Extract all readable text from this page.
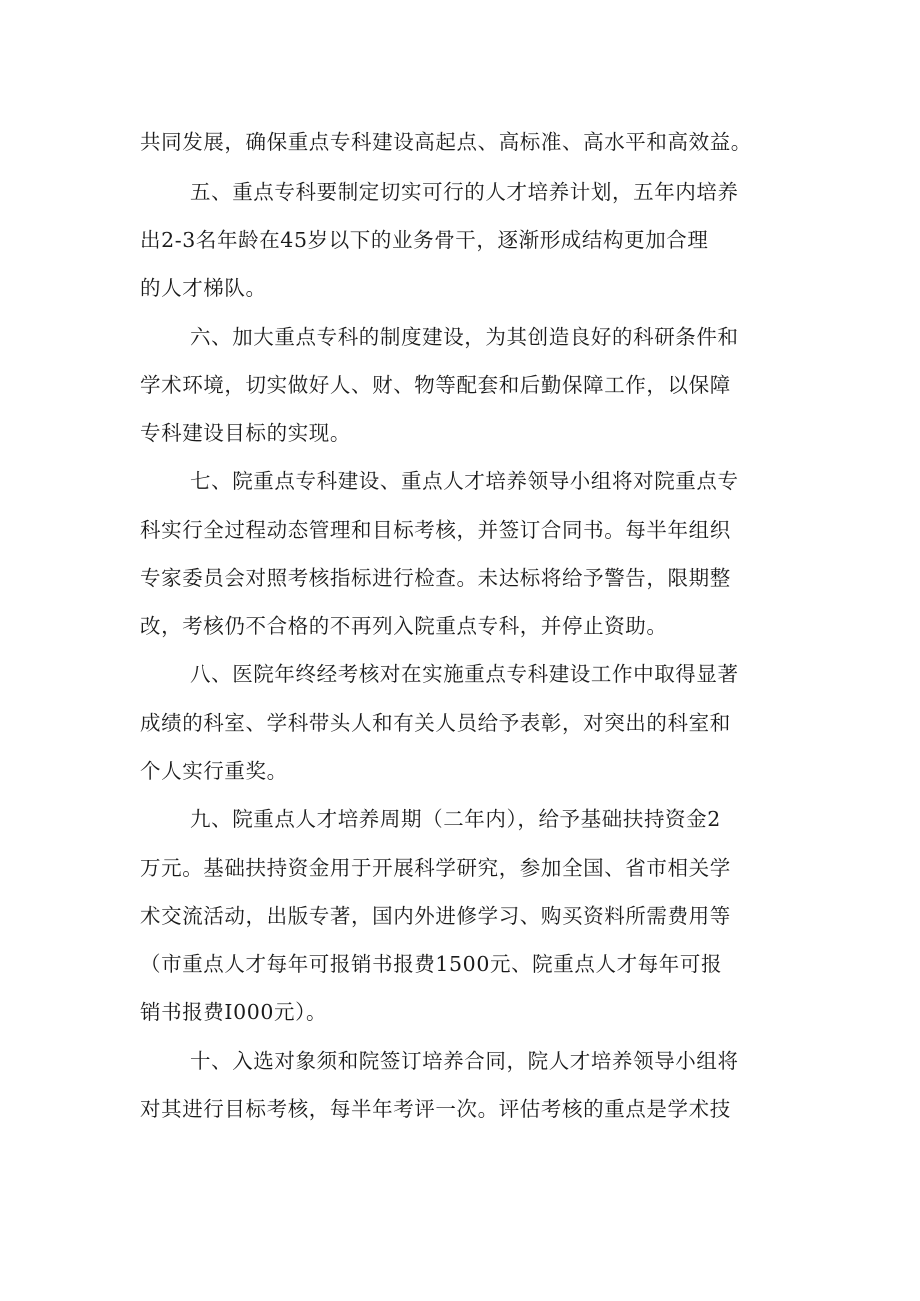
共同发展，确保重点专科建设高起点、高标准、高水平和高效益。

五、重点专科要制定切实可行的人才培养计划，五年内培养

出2-3名年龄在45岁以下的业务骨干，逐渐形成结构更加合理

的人才梯队。

六、加大重点专科的制度建设，为其创造良好的科研条件和

学术环境，切实做好人、财、物等配套和后勤保障工作，以保障

专科建设目标的实现。

七、院重点专科建设、重点人才培养领导小组将对院重点专

科实行全过程动态管理和目标考核，并签订合同书。每半年组织

专家委员会对照考核指标进行检查。未达标将给予警告，限期整

改，考核仍不合格的不再列入院重点专科，并停止资助。

八、医院年终经考核对在实施重点专科建设工作中取得显著

成绩的科室、学科带头人和有关人员给予表彰，对突出的科室和

个人实行重奖。

九、院重点人才培养周期（二年内），给予基础扶持资金2

万元。基础扶持资金用于开展科学研究，参加全国、省市相关学

术交流活动，出版专著，国内外进修学习、购买资料所需费用等

（市重点人才每年可报销书报费1500元、院重点人才每年可报

销书报费I000元）。

十、入选对象须和院签订培养合同，院人才培养领导小组将

对其进行目标考核，每半年考评一次。评估考核的重点是学术技
